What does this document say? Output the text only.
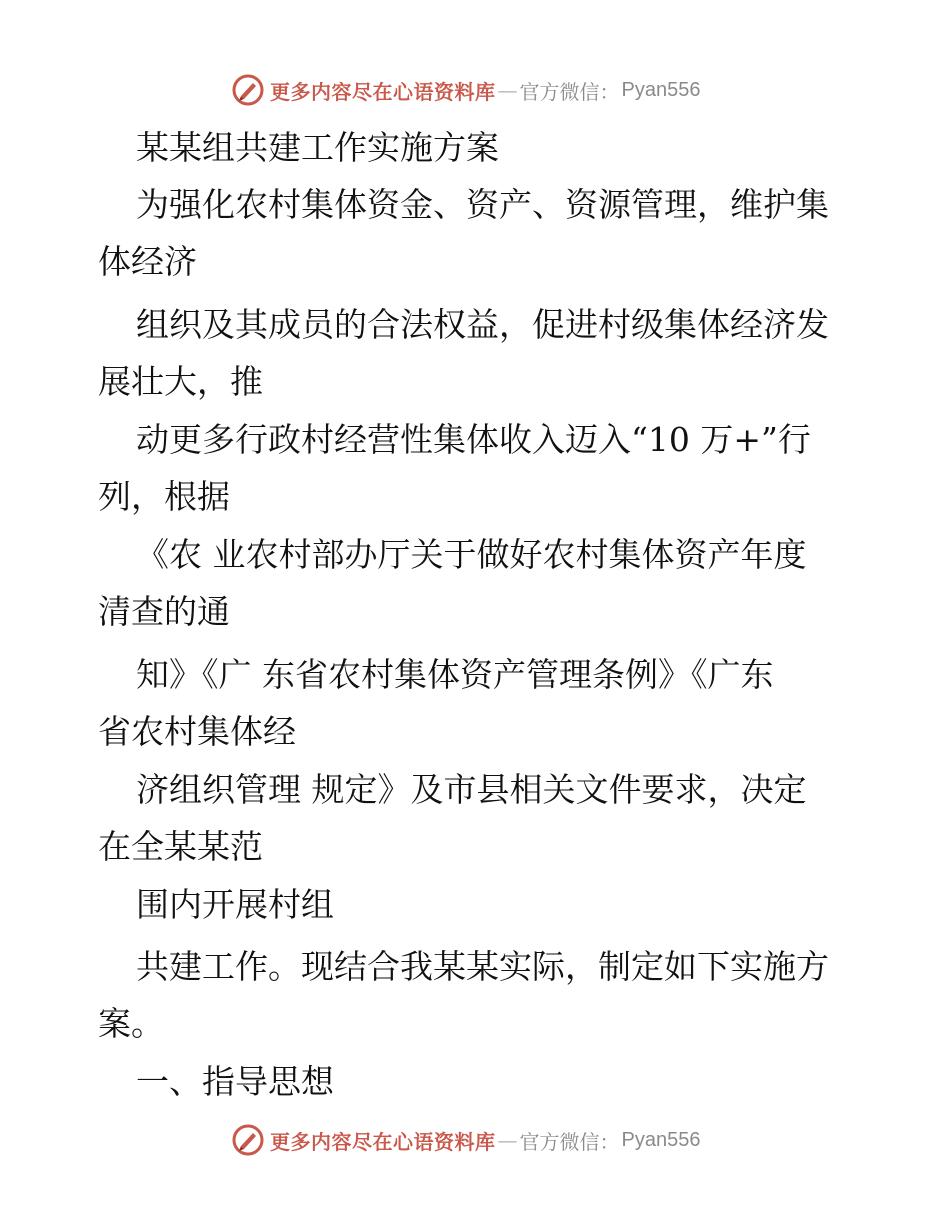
更多内容尽在心语资料库 — 官方微信： Pyan556
某某组共建工作实施方案
为强化农村集体资金、资产、资源管理，维护集
体经济
组织及其成员的合法权益，促进村级集体经济发
展壮大，推
动更多行政村经营性集体收入迈入“10 万+”行
列，根据
《农 业农村部办厅关于做好农村集体资产年度
清查的通
知》《广 东省农村集体资产管理条例》《广东
省农村集体经
济组织管理 规定》及市县相关文件要求，决定
在全某某范
围内开展村组
共建工作。现结合我某某实际，制定如下实施方
案。
一、指导思想
更多内容尽在心语资料库 — 官方微信： Pyan556
